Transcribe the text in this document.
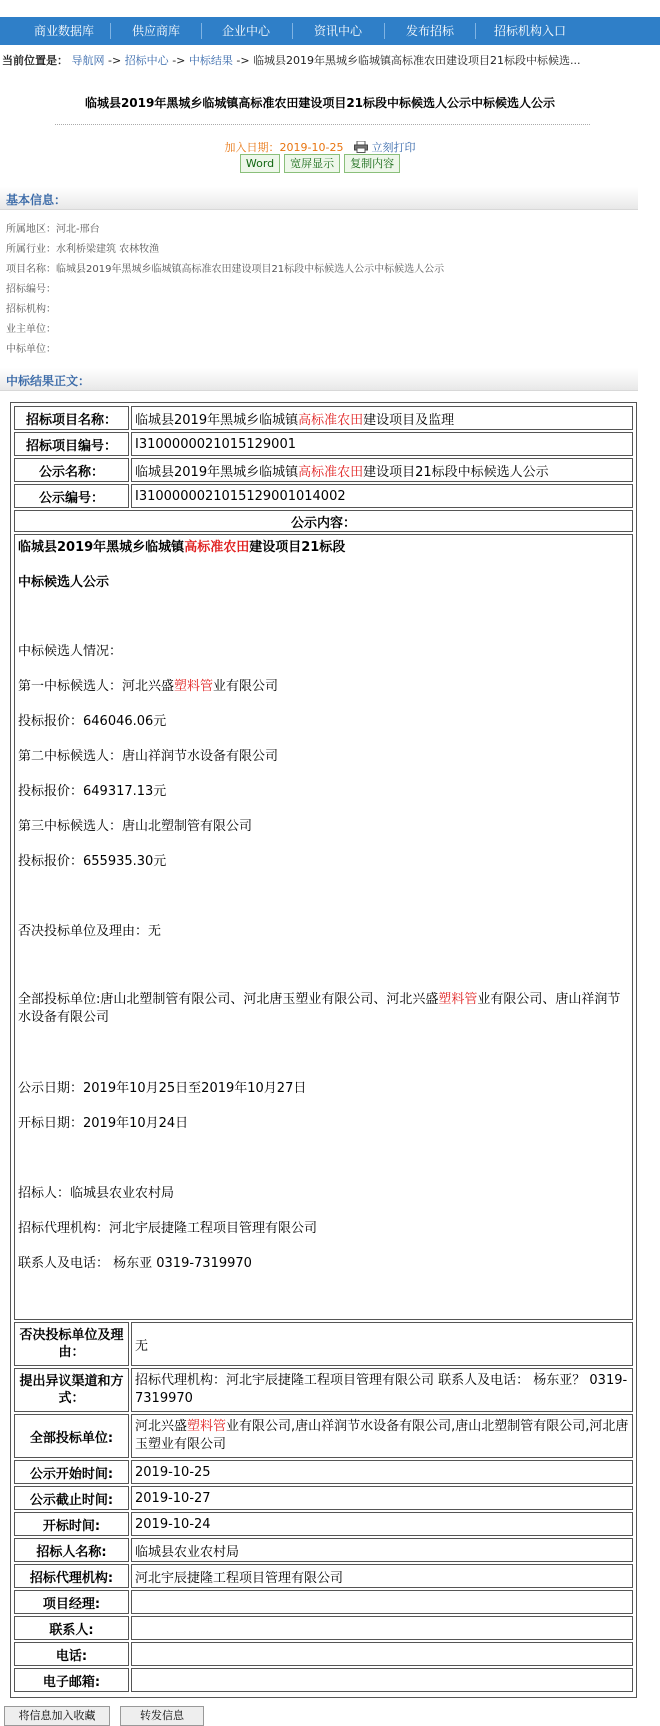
商业数据库	供应商库	企业中心	资讯中心	发布招标	招标机构入口
当前位置是： 导航网 -> 招标中心 -> 中标结果 -> 临城县2019年黑城乡临城镇高标准农田建设项目21标段中标候选...
临城县2019年黑城乡临城镇高标准农田建设项目21标段中标候选人公示中标候选人公示
加入日期：2019-10-25	立刻打印
Word 宽屏显示 复制内容
基本信息：
所属地区：河北-邢台
所属行业：水利桥梁建筑 农林牧渔
项目名称：临城县2019年黑城乡临城镇高标准农田建设项目21标段中标候选人公示中标候选人公示
招标编号：
招标机构：
业主单位：
中标单位：
中标结果正文：
招标项目名称：	临城县2019年黑城乡临城镇 高标准农田 建设项目及监理
招标项目编号：	I3100000021015129001
公示名称：	临城县2019年黑城乡临城镇 高标准农田 建设项目21标段中标候选人公示
公示编号：	I3100000021015129001014002
公示内容：
临城县2019年黑城乡临城镇高标准农田建设项目21标段
中标候选人公示
中标候选人情况：
第一中标候选人：河北兴盛塑料管业有限公司
投标报价：646046.06元
第二中标候选人：唐山祥润节水设备有限公司
投标报价：649317.13元
第三中标候选人：唐山北塑制管有限公司
投标报价：655935.30元
否决投标单位及理由：无
全部投标单位:唐山北塑制管有限公司、河北唐玉塑业有限公司、河北兴盛塑料管业有限公司、唐山祥润节水设备有限公司
公示日期：2019年10月25日至2019年10月27日
开标日期：2019年10月24日
招标人：临城县农业农村局
招标代理机构：河北宇辰捷隆工程项目管理有限公司
联系人及电话： 杨东亚 0319-7319970
否决投标单位及理由：	无
提出异议渠道和方式：
招标代理机构：河北宇辰捷隆工程项目管理有限公司 联系人及电话： 杨东亚？ 0319-7319970
全部投标单位:
河北兴盛塑料管业有限公司,唐山祥润节水设备有限公司,唐山北塑制管有限公司,河北唐玉塑业有限公司
公示开始时间:	2019-10-25
公示截止时间:	2019-10-27
开标时间:	2019-10-24
招标人名称:	临城县农业农村局
招标代理机构:	河北宇辰捷隆工程项目管理有限公司
项目经理:
联系人:
电话:
电子邮箱:
将信息加入收藏	转发信息
